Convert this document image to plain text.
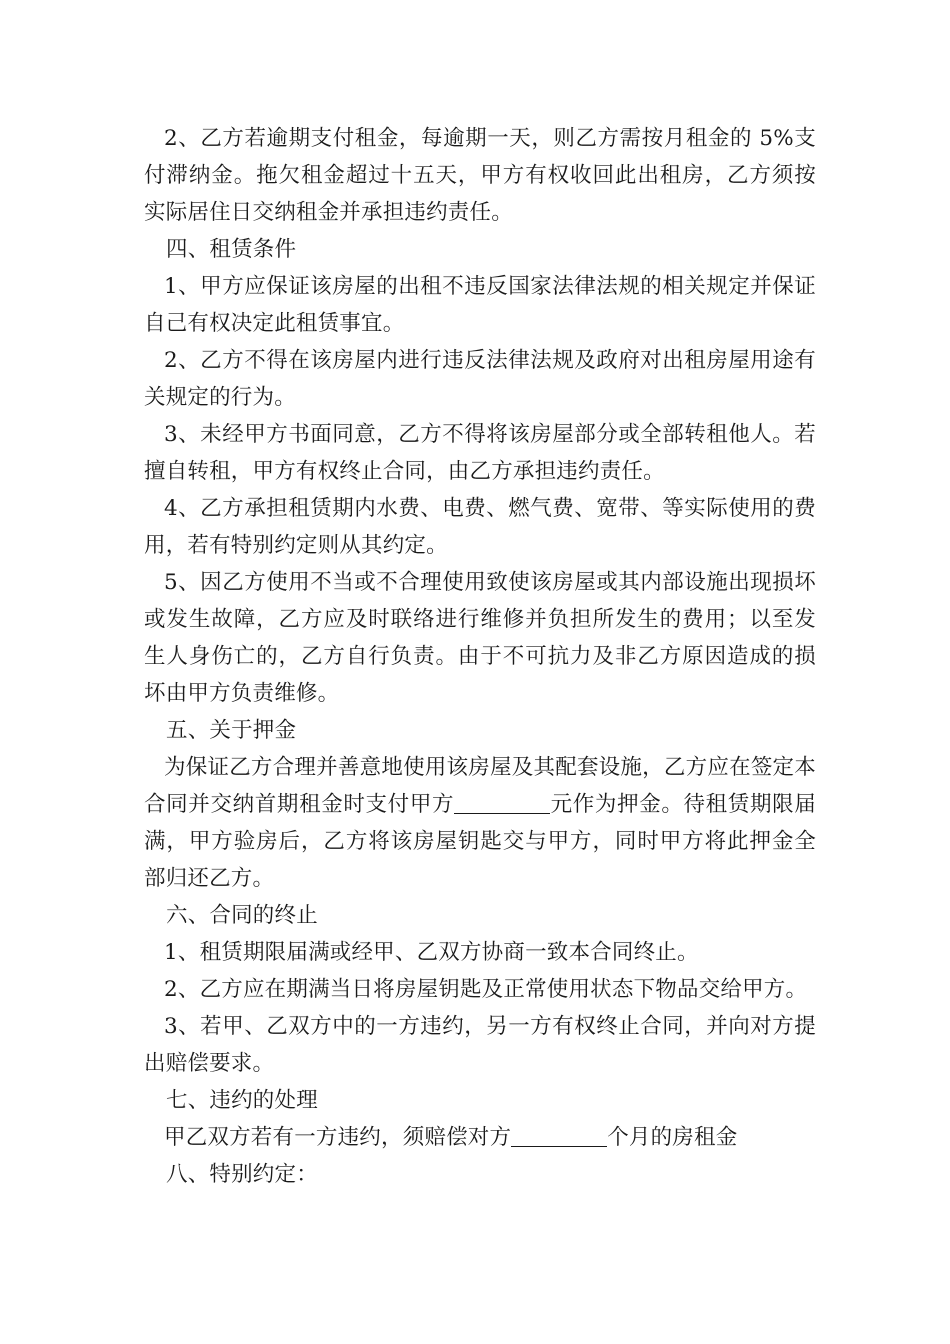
2、乙方若逾期支付租金，每逾期一天，则乙方需按月租金的 5%支付滞纳金。拖欠租金超过十五天，甲方有权收回此出租房，乙方须按实际居住日交纳租金并承担违约责任。

四、租赁条件

1、甲方应保证该房屋的出租不违反国家法律法规的相关规定并保证自己有权决定此租赁事宜。

2、乙方不得在该房屋内进行违反法律法规及政府对出租房屋用途有关规定的行为。

3、未经甲方书面同意，乙方不得将该房屋部分或全部转租他人。若擅自转租，甲方有权终止合同，由乙方承担违约责任。

4、乙方承担租赁期内水费、电费、燃气费、宽带、等实际使用的费用，若有特别约定则从其约定。

5、因乙方使用不当或不合理使用致使该房屋或其内部设施出现损坏或发生故障，乙方应及时联络进行维修并负担所发生的费用；以至发生人身伤亡的，乙方自行负责。由于不可抗力及非乙方原因造成的损坏由甲方负责维修。

五、关于押金

为保证乙方合理并善意地使用该房屋及其配套设施，乙方应在签定本合同并交纳首期租金时支付甲方	元作为押金。待租赁期限届满，甲方验房后，乙方将该房屋钥匙交与甲方，同时甲方将此押金全部归还乙方。

六、合同的终止

1、租赁期限届满或经甲、乙双方协商一致本合同终止。

2、乙方应在期满当日将房屋钥匙及正常使用状态下物品交给甲方。

3、若甲、乙双方中的一方违约，另一方有权终止合同，并向对方提出赔偿要求。

七、违约的处理

甲乙双方若有一方违约，须赔偿对方	个月的房租金

八、特别约定：
